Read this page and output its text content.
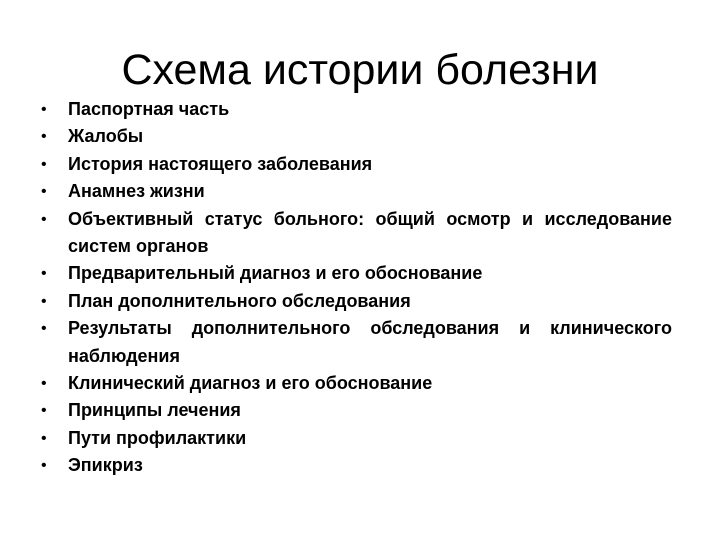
Схема истории болезни
• Паспортная часть
• Жалобы
• История настоящего заболевания
• Анамнез жизни
• Объективный статус больного: общий осмотр и исследование систем органов
• Предварительный диагноз и его обоснование
• План дополнительного обследования
• Результаты дополнительного обследования и клинического наблюдения
• Клинический диагноз и его обоснование
• Принципы лечения
• Пути профилактики
• Эпикриз
